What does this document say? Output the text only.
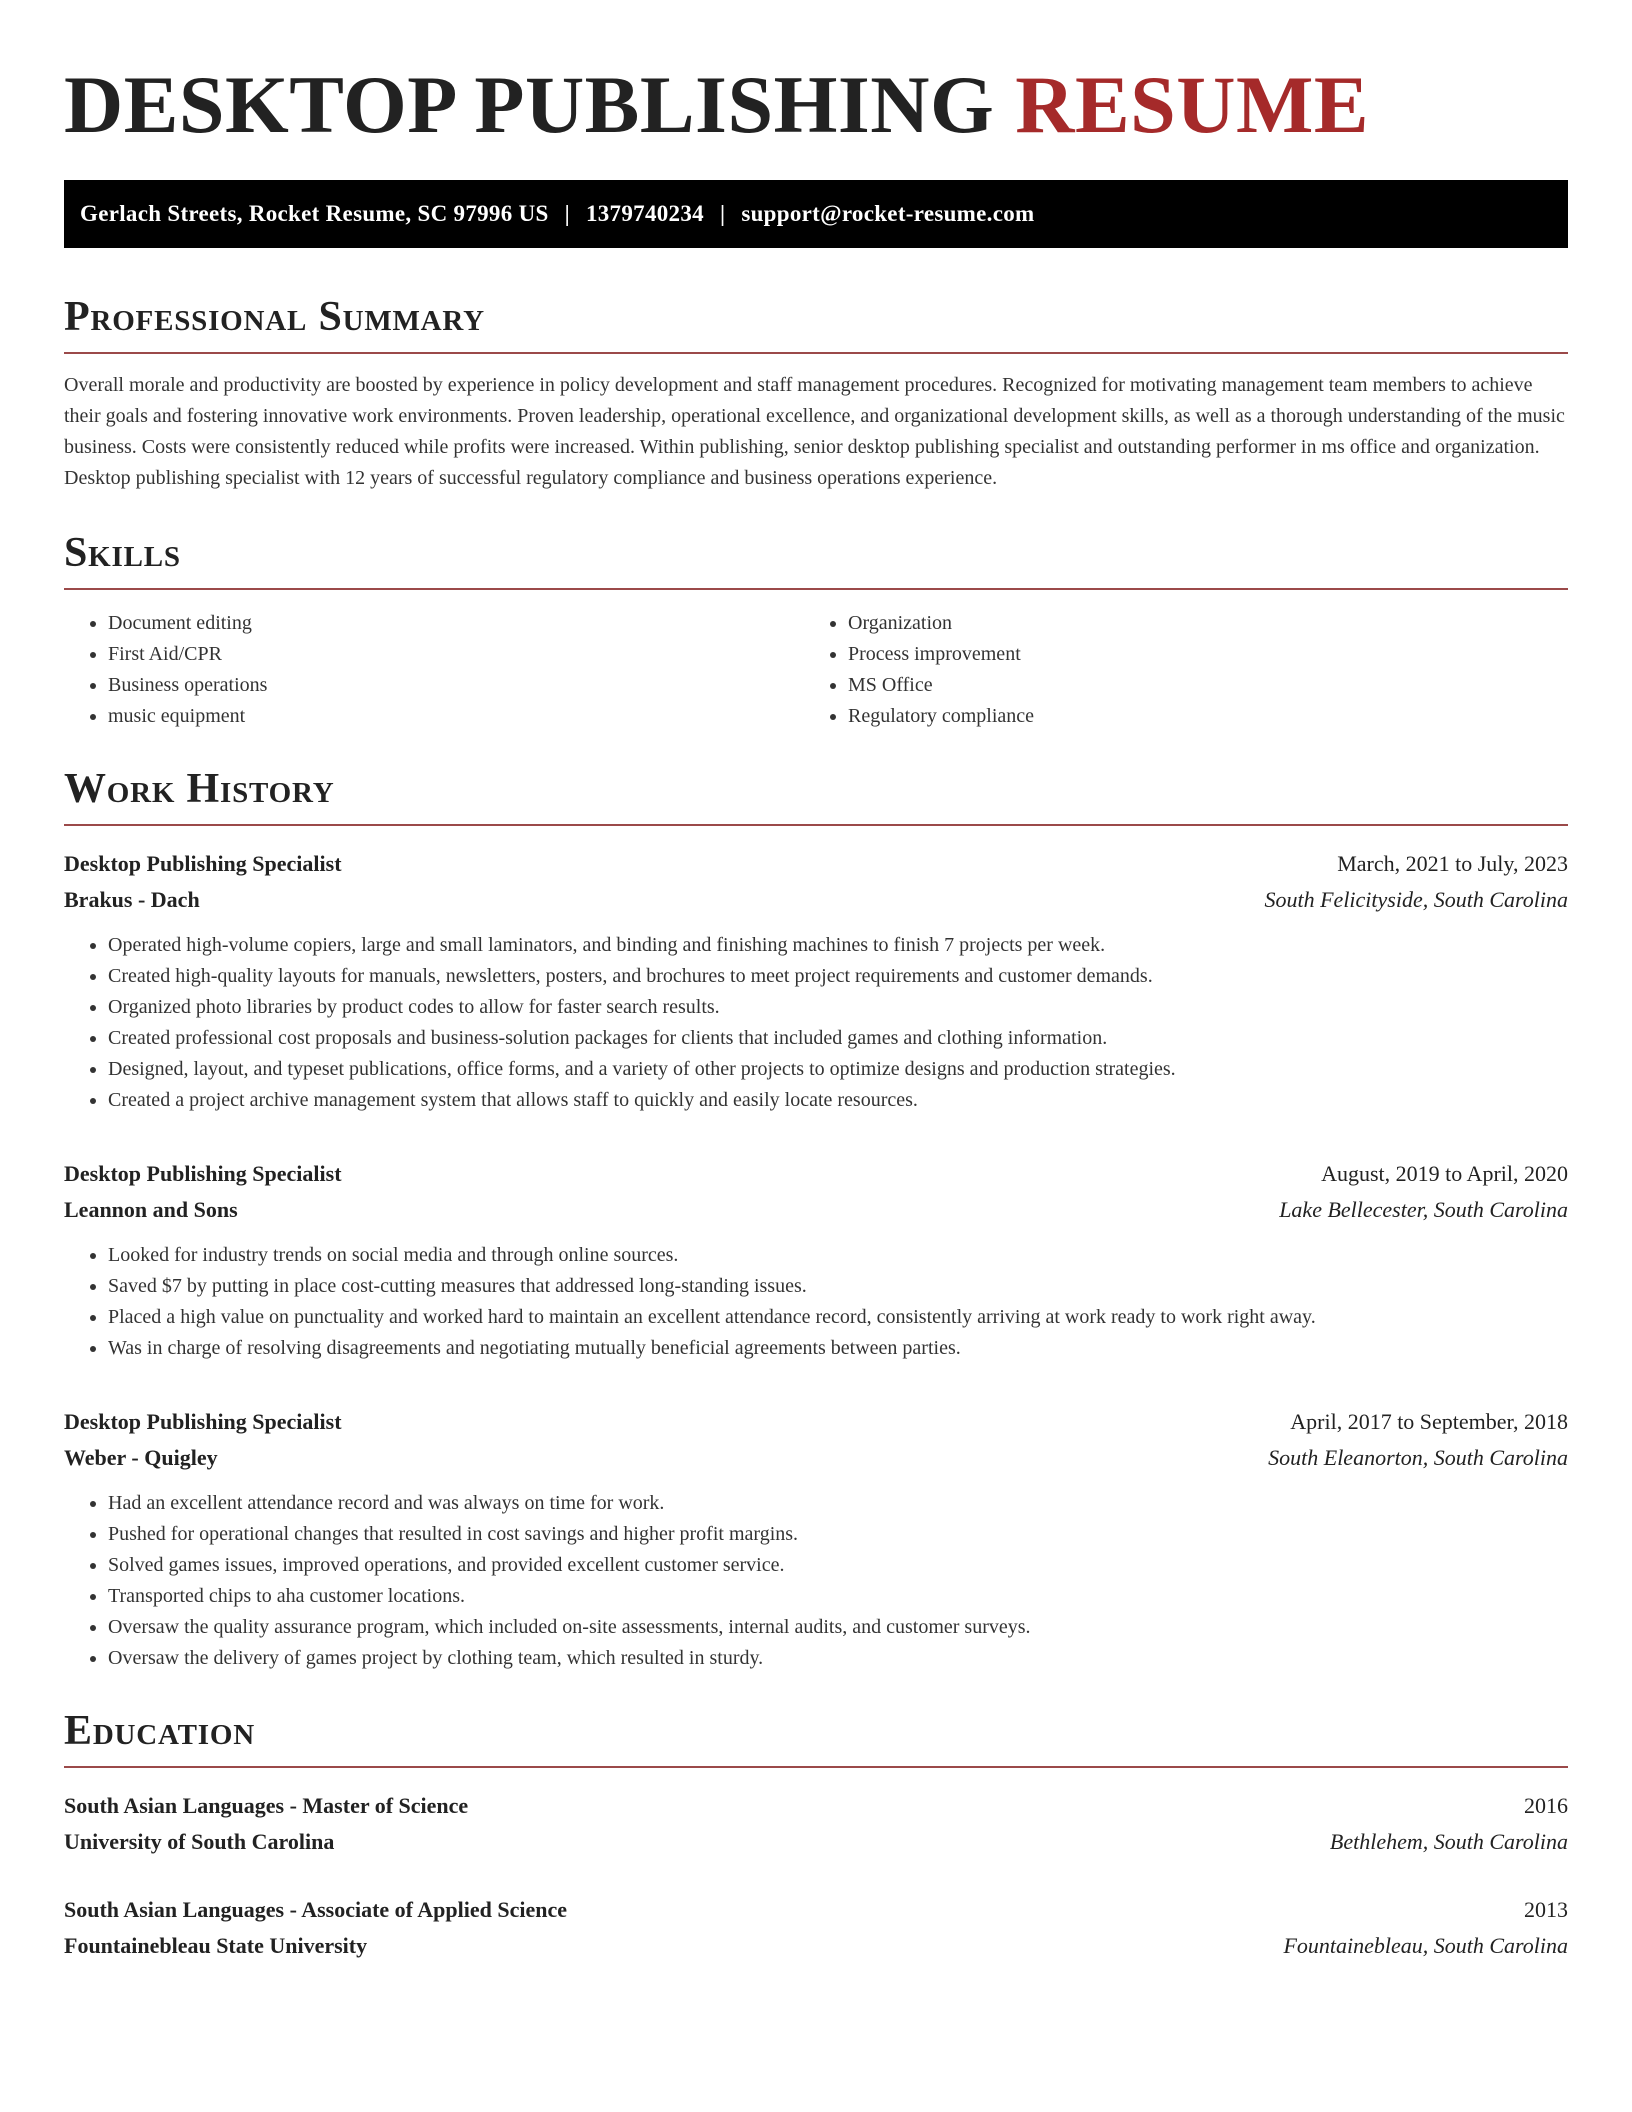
DESKTOP PUBLISHING RESUME
Gerlach Streets, Rocket Resume, SC 97996 US | 1379740234 | support@rocket-resume.com
Professional Summary

Overall morale and productivity are boosted by experience in policy development and staff management procedures. Recognized for motivating management team members to achieve their goals and fostering innovative work environments. Proven leadership, operational excellence, and organizational development skills, as well as a thorough understanding of the music business. Costs were consistently reduced while profits were increased. Within publishing, senior desktop publishing specialist and outstanding performer in ms office and organization. Desktop publishing specialist with 12 years of successful regulatory compliance and business operations experience.

Skills
• Document editing
• First Aid/CPR
• Business operations
• music equipment
• Organization
• Process improvement
• MS Office
• Regulatory compliance
Work History
Desktop Publishing Specialist	March, 2021 to July, 2023
Brakus - Dach	South Felicityside, South Carolina
• Operated high-volume copiers, large and small laminators, and binding and finishing machines to finish 7 projects per week.
• Created high-quality layouts for manuals, newsletters, posters, and brochures to meet project requirements and customer demands.
• Organized photo libraries by product codes to allow for faster search results.
• Created professional cost proposals and business-solution packages for clients that included games and clothing information.
• Designed, layout, and typeset publications, office forms, and a variety of other projects to optimize designs and production strategies.
• Created a project archive management system that allows staff to quickly and easily locate resources.
Desktop Publishing Specialist	August, 2019 to April, 2020
Leannon and Sons	Lake Bellecester, South Carolina
• Looked for industry trends on social media and through online sources.
• Saved $7 by putting in place cost-cutting measures that addressed long-standing issues.
• Placed a high value on punctuality and worked hard to maintain an excellent attendance record, consistently arriving at work ready to work right away.
• Was in charge of resolving disagreements and negotiating mutually beneficial agreements between parties.
Desktop Publishing Specialist	April, 2017 to September, 2018
Weber - Quigley	South Eleanorton, South Carolina
• Had an excellent attendance record and was always on time for work.
• Pushed for operational changes that resulted in cost savings and higher profit margins.
• Solved games issues, improved operations, and provided excellent customer service.
• Transported chips to aha customer locations.
• Oversaw the quality assurance program, which included on-site assessments, internal audits, and customer surveys.
• Oversaw the delivery of games project by clothing team, which resulted in sturdy.
Education
South Asian Languages - Master of Science	2016
University of South Carolina	Bethlehem, South Carolina
South Asian Languages - Associate of Applied Science	2013
Fountainebleau State University	Fountainebleau, South Carolina
